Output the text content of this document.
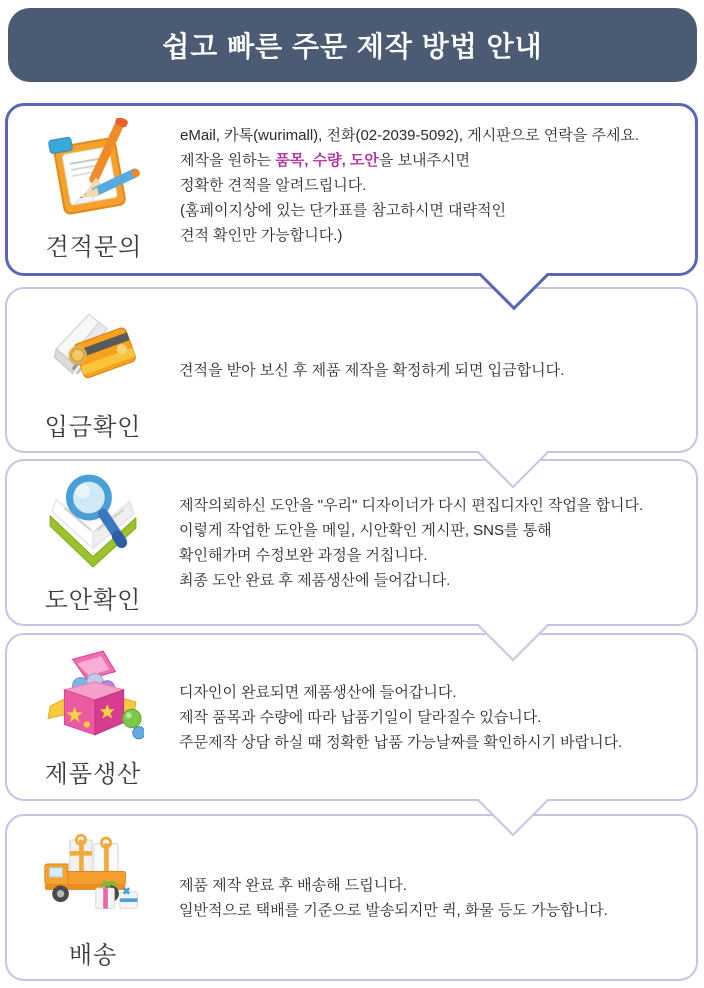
쉽고 빠른 주문 제작 방법 안내
견적문의
eMail, 카톡(wurimall), 전화(02-2039-5092), 게시판으로 연락을 주세요.
제작을 원하는 품목, 수량, 도안을 보내주시면
정확한 견적을 알려드립니다.
(홈페이지상에 있는 단가표를 참고하시면 대략적인
견적 확인만 가능합니다.)
입금확인
견적을 받아 보신 후 제품 제작을 확정하게 되면 입금합니다.
도안확인
제작의뢰하신 도안을 "우리" 디자이너가 다시 편집디자인 작업을 합니다.
이렇게 작업한 도안을 메일, 시안확인 게시판, SNS를 통해
확인해가며 수정보완 과정을 거칩니다.
최종 도안 완료 후 제품생산에 들어갑니다.
제품생산
디자인이 완료되면 제품생산에 들어갑니다.
제작 품목과 수량에 따라 납품기일이 달라질수 있습니다.
주문제작 상담 하실 때 정확한 납품 가능날짜를 확인하시기 바랍니다.
배송
제품 제작 완료 후 배송해 드립니다.
일반적으로 택배를 기준으로 발송되지만 퀵, 화물 등도 가능합니다.
